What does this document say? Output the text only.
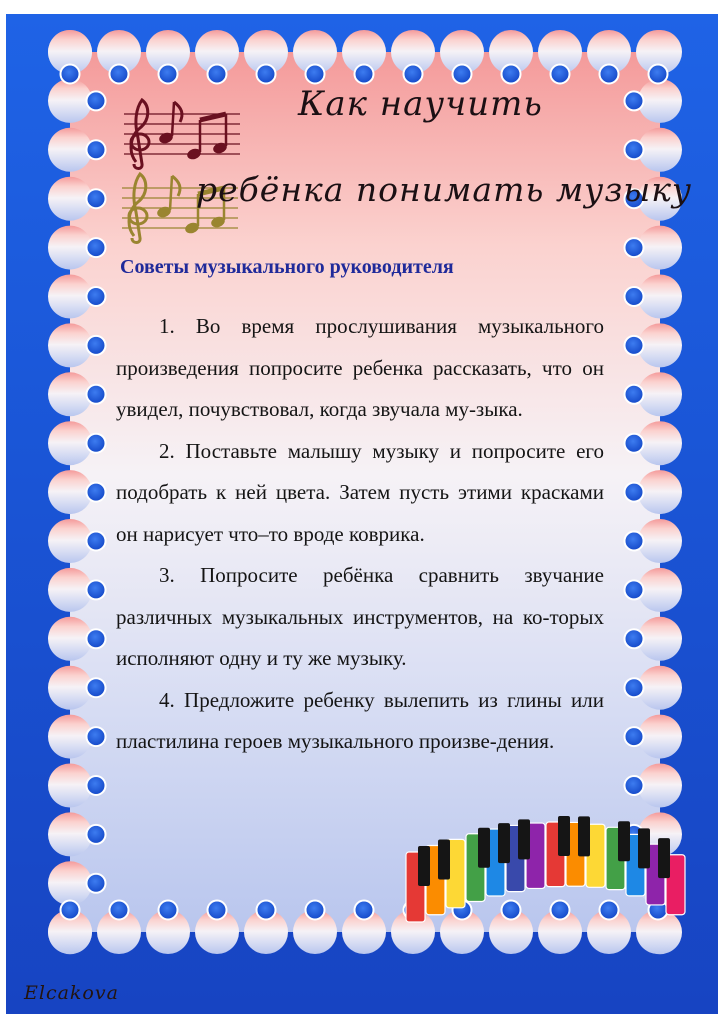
Как научить
ребёнка понимать музыку
Советы музыкального руководителя

1. Во время прослушивания музыкального произведения попросите ребенка рассказать, что он увидел, почувствовал, когда звучала му-зыка.

2. Поставьте малышу музыку и попросите его подобрать к ней цвета. Затем пусть этими красками он нарисует что–то вроде коврика.

3. Попросите ребёнка сравнить звучание различных музыкальных инструментов, на ко-торых исполняют одну и ту же музыку.

4. Предложите ребенку вылепить из глины или пластилина героев музыкального произве-дения.

Elcakova
